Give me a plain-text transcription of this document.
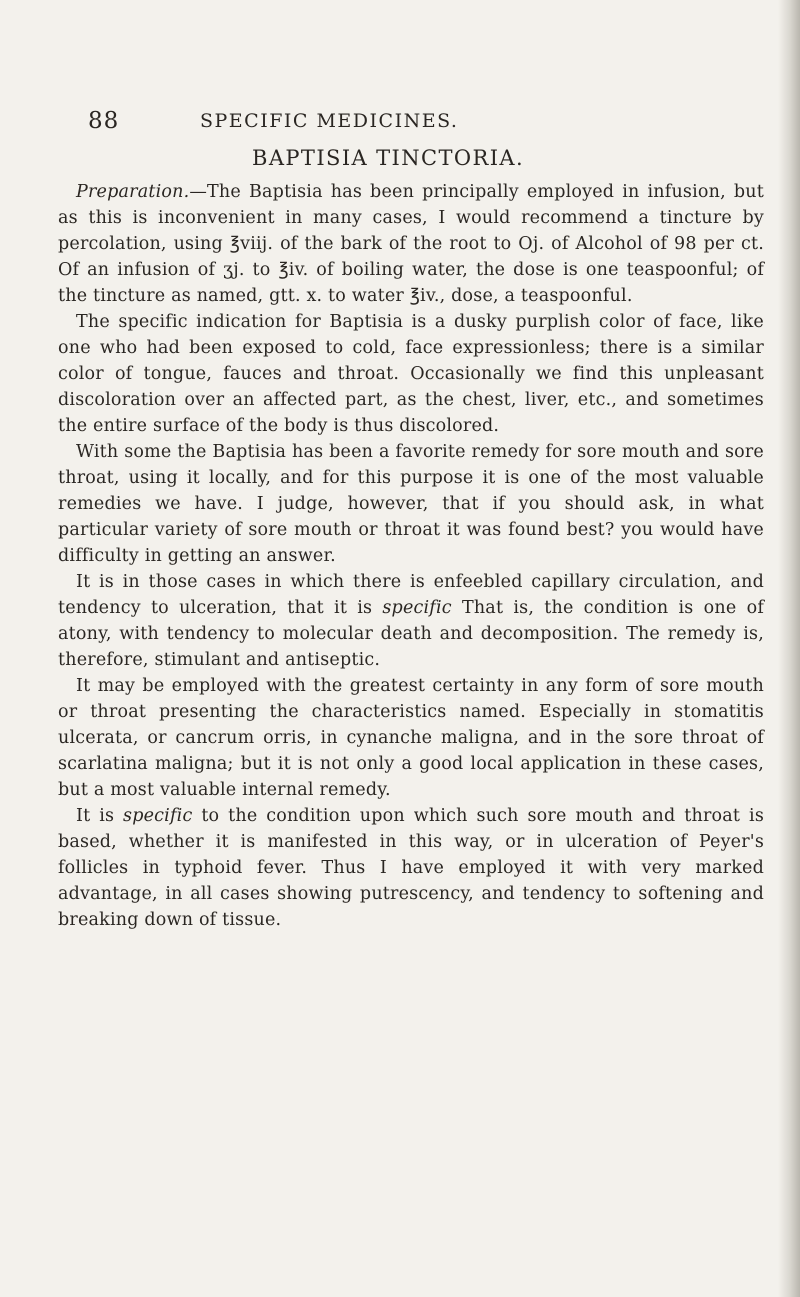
88	SPECIFIC MEDICINES.
BAPTISIA TINCTORIA.

Preparation.—The Baptisia has been principally employed in infusion, but as this is inconvenient in many cases, I would recommend a tincture by percolation, using ℥viij. of the bark of the root to Oj. of Alcohol of 98 per ct. Of an infusion of ʒj. to ℥iv. of boiling water, the dose is one teaspoonful; of the tincture as named, gtt. x. to water ℥iv., dose, a teaspoonful.

The specific indication for Baptisia is a dusky purplish color of face, like one who had been exposed to cold, face expressionless; there is a similar color of tongue, fauces and throat. Occasionally we find this unpleasant discoloration over an affected part, as the chest, liver, etc., and sometimes the entire surface of the body is thus discolored.

With some the Baptisia has been a favorite remedy for sore mouth and sore throat, using it locally, and for this purpose it is one of the most valuable remedies we have. I judge, however, that if you should ask, in what particular variety of sore mouth or throat it was found best? you would have difficulty in getting an answer.

It is in those cases in which there is enfeebled capillary circulation, and tendency to ulceration, that it is specific That is, the condition is one of atony, with tendency to molecular death and decomposition. The remedy is, therefore, stimulant and antiseptic.

It may be employed with the greatest certainty in any form of sore mouth or throat presenting the characteristics named. Especially in stomatitis ulcerata, or cancrum orris, in cynanche maligna, and in the sore throat of scarlatina maligna; but it is not only a good local application in these cases, but a most valuable internal remedy.

It is specific to the condition upon which such sore mouth and throat is based, whether it is manifested in this way, or in ulceration of Peyer's follicles in typhoid fever. Thus I have employed it with very marked advantage, in all cases showing putrescency, and tendency to softening and breaking down of tissue.
